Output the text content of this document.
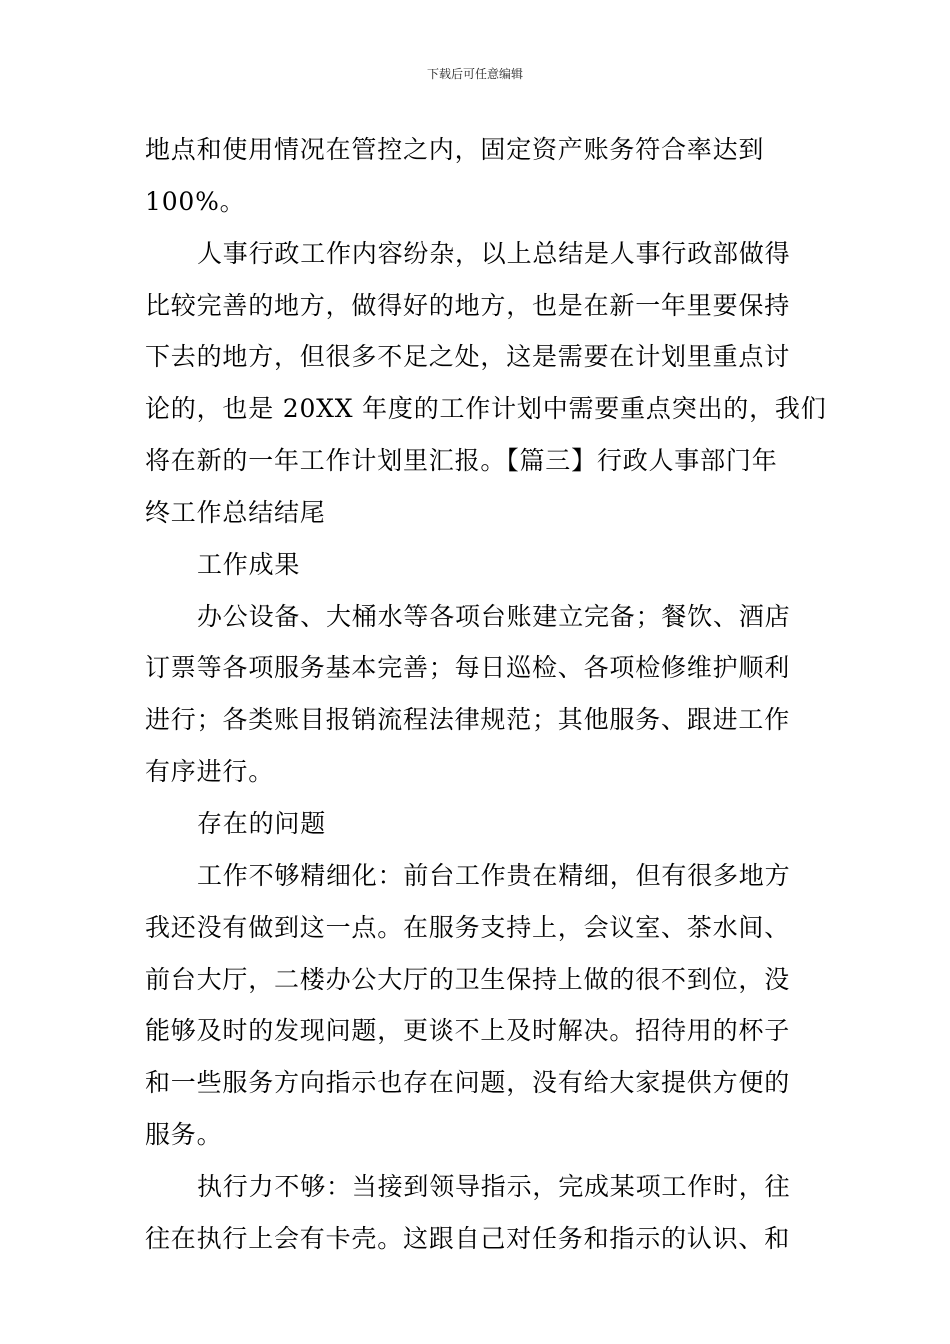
下载后可任意编辑
地点和使用情况在管控之内，固定资产账务符合率达到
100%。
人事行政工作内容纷杂，以上总结是人事行政部做得
比较完善的地方，做得好的地方，也是在新一年里要保持
下去的地方，但很多不足之处，这是需要在计划里重点讨
论的，也是 20XX 年度的工作计划中需要重点突出的，我们
将在新的一年工作计划里汇报。【篇三】行政人事部门年
终工作总结结尾
工作成果
办公设备、大桶水等各项台账建立完备；餐饮、酒店
订票等各项服务基本完善；每日巡检、各项检修维护顺利
进行；各类账目报销流程法律规范；其他服务、跟进工作
有序进行。
存在的问题
工作不够精细化：前台工作贵在精细，但有很多地方
我还没有做到这一点。在服务支持上，会议室、茶水间、
前台大厅，二楼办公大厅的卫生保持上做的很不到位，没
能够及时的发现问题，更谈不上及时解决。招待用的杯子
和一些服务方向指示也存在问题，没有给大家提供方便的
服务。
执行力不够：当接到领导指示，完成某项工作时，往
往在执行上会有卡壳。这跟自己对任务和指示的认识、和
